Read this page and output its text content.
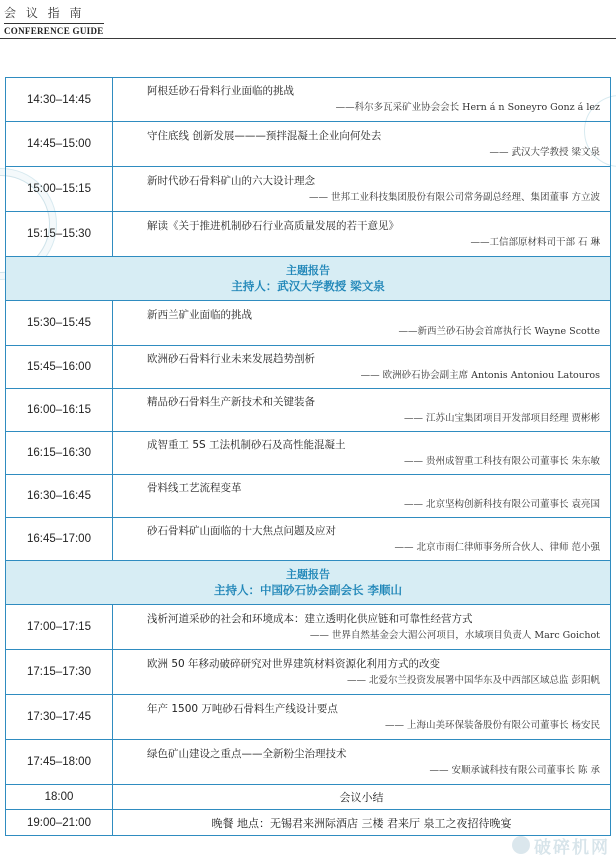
会 议 指 南
CONFERENCE GUIDE
14:30–14:45	阿根廷砂石骨料行业面临的挑战
——科尔多瓦采矿业协会会长 Hern á n Soneyro Gonz á lez

14:45–15:00	守住底线 创新发展———预拌混凝土企业向何处去
—— 武汉大学教授 梁文泉

15:00–15:15	新时代砂石骨料矿山的六大设计理念
—— 世邦工业科技集团股份有限公司常务副总经理、集团董事 方立波

15:15–15:30	解读《关于推进机制砂石行业高质量发展的若干意见》
——工信部原材料司干部 石 琳

主题报告
主持人：武汉大学教授 梁文泉	

15:30–15:45	新西兰矿业面临的挑战
——新西兰砂石协会首席执行长 Wayne Scotte

15:45–16:00	欧洲砂石骨料行业未来发展趋势剖析
—— 欧洲砂石协会副主席 Antonis Antoniou Latouros

16:00–16:15	精品砂石骨料生产新技术和关键装备
—— 江苏山宝集团项目开发部项目经理 贾彬彬

16:15–16:30	成智重工 5S 工法机制砂石及高性能混凝土
—— 贵州成智重工科技有限公司董事长 朱东敏

16:30–16:45	骨料线工艺流程变革
—— 北京坚构创新科技有限公司董事长 袁亮国

16:45–17:00	砂石骨料矿山面临的十大焦点问题及应对
—— 北京市雨仁律师事务所合伙人、律师 范小强

主题报告
主持人：中国砂石协会副会长 李顺山	

17:00–17:15	浅析河道采砂的社会和环境成本：建立透明化供应链和可靠性经营方式
—— 世界自然基金会大湄公河项目，水域项目负责人 Marc Goichot

17:15–17:30	欧洲 50 年移动破碎研究对世界建筑材料资源化利用方式的改变
—— 北爱尔兰投资发展署中国华东及中西部区域总监 彭阳帆

17:30–17:45	年产 1500 万吨砂石骨料生产线设计要点
—— 上海山美环保装备股份有限公司董事长 杨安民

17:45–18:00	绿色矿山建设之重点——全新粉尘治理技术
—— 安顺承诚科技有限公司董事长 陈 承

18:00	会议小结
19:00–21:00	晚餐 地点：无锡君来洲际酒店 三楼 君来厅 泉工之夜招待晚宴
破碎机网
